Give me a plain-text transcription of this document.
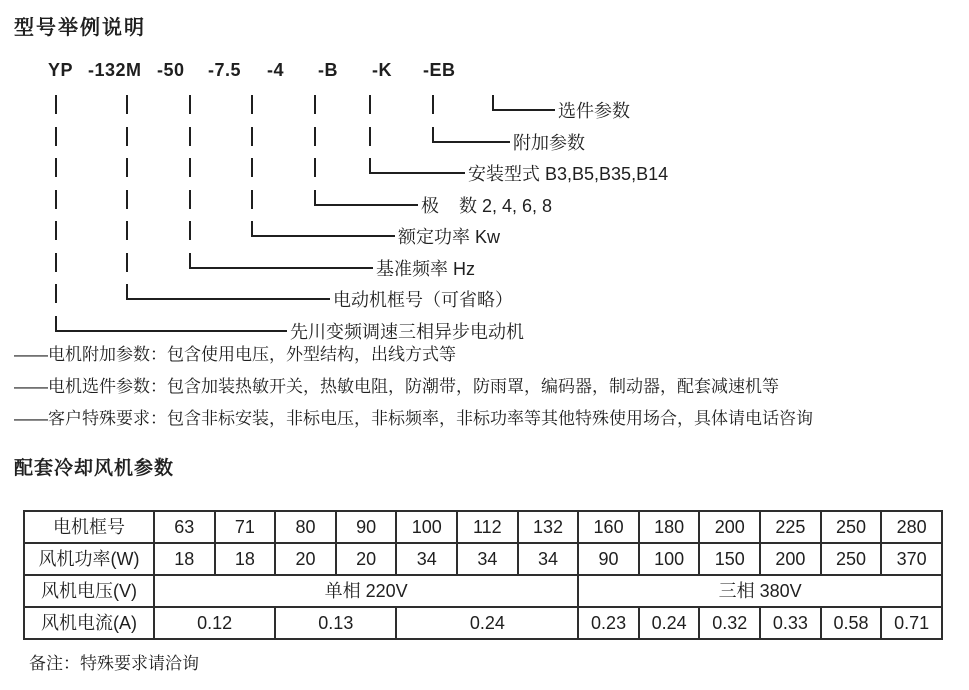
型号举例说明
YP -132M -50 -7.5 -4 -B -K -EB
选件参数
附加参数
安装型式 B3,B5,B35,B14
极    数 2, 4, 6, 8
额定功率 Kw
基准频率 Hz
电动机框号（可省略）
先川变频调速三相异步电动机
——电机附加参数：包含使用电压，外型结构，出线方式等
——电机选件参数：包含加装热敏开关，热敏电阻，防潮带，防雨罩，编码器，制动器，配套减速机等
——客户特殊要求：包含非标安装，非标电压，非标频率，非标功率等其他特殊使用场合，具体请电话咨询
配套冷却风机参数
电机框号	63	71	80	90	100	112	132	160	180	200	225	250	280
风机功率(W)	18	18	20	20	34	34	34	90	100	150	200	250	370
风机电压(V)	单相 220V							三相 380V					
风机电流(A)	0.12		0.13		0.24			0.23	0.24	0.32	0.33	0.58	0.71
备注：特殊要求请洽询
